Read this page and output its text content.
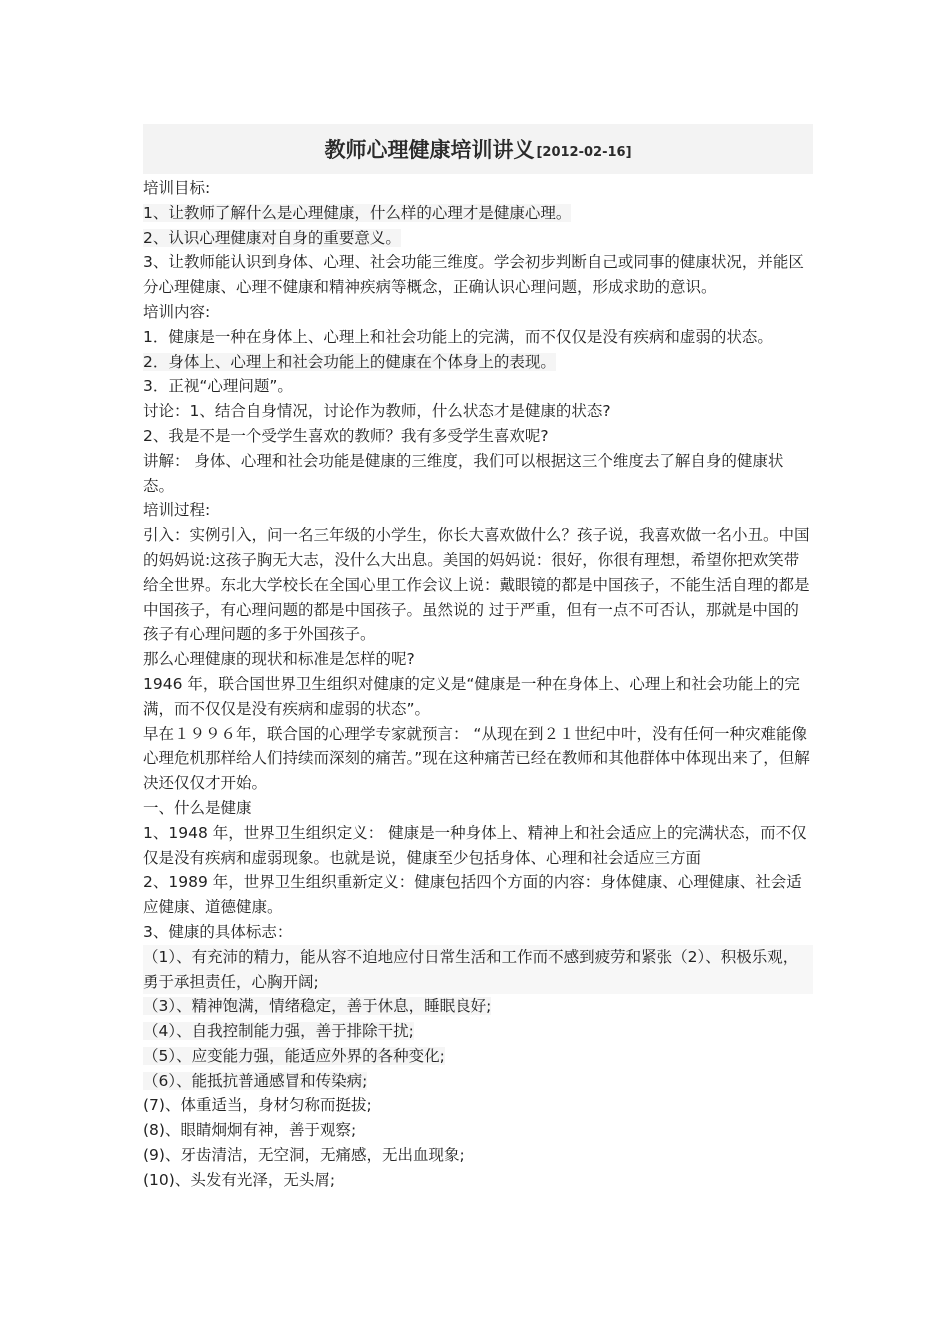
教师心理健康培训讲义 [2012-02-16]

培训目标:

1、让教师了解什么是心理健康，什么样的心理才是健康心理。

2、认识心理健康对自身的重要意义。

3、让教师能认识到身体、心理、社会功能三维度。学会初步判断自己或同事的健康状况，并能区分心理健康、心理不健康和精神疾病等概念，正确认识心理问题，形成求助的意识。

培训内容:

1．健康是一种在身体上、心理上和社会功能上的完满，而不仅仅是没有疾病和虚弱的状态。

2．身体上、心理上和社会功能上的健康在个体身上的表现。

3．正视“心理问题”。

讨论：1、结合自身情况，讨论作为教师，什么状态才是健康的状态?

2、我是不是一个受学生喜欢的教师？我有多受学生喜欢呢?

讲解： 身体、心理和社会功能是健康的三维度，我们可以根据这三个维度去了解自身的健康状态。

培训过程:

引入：实例引入，问一名三年级的小学生，你长大喜欢做什么？孩子说，我喜欢做一名小丑。中国的妈妈说:这孩子胸无大志，没什么大出息。美国的妈妈说：很好，你很有理想，希望你把欢笑带给全世界。东北大学校长在全国心里工作会议上说：戴眼镜的都是中国孩子，不能生活自理的都是中国孩子，有心理问题的都是中国孩子。虽然说的 过于严重，但有一点不可否认，那就是中国的孩子有心理问题的多于外国孩子。

那么心理健康的现状和标准是怎样的呢?

1946 年，联合国世界卫生组织对健康的定义是“健康是一种在身体上、心理上和社会功能上的完满，而不仅仅是没有疾病和虚弱的状态”。

早在１９９６年，联合国的心理学专家就预言： “从现在到２１世纪中叶，没有任何一种灾难能像心理危机那样给人们持续而深刻的痛苦。”现在这种痛苦已经在教师和其他群体中体现出来了，但解决还仅仅才开始。

一、什么是健康

1、1948 年，世界卫生组织定义： 健康是一种身体上、精神上和社会适应上的完满状态，而不仅仅是没有疾病和虚弱现象。也就是说，健康至少包括身体、心理和社会适应三方面

2、1989 年，世界卫生组织重新定义：健康包括四个方面的内容：身体健康、心理健康、社会适应健康、道德健康。

3、健康的具体标志：

（1）、有充沛的精力，能从容不迫地应付日常生活和工作而不感到疲劳和紧张（2）、积极乐观，勇于承担责任，心胸开阔;

（3）、精神饱满，情绪稳定，善于休息，睡眠良好;

（4）、自我控制能力强，善于排除干扰;

（5）、应变能力强，能适应外界的各种变化;

（6）、能抵抗普通感冒和传染病;

(7)、体重适当，身材匀称而挺拔;

(8)、眼睛炯炯有神，善于观察;

(9)、牙齿清洁，无空洞，无痛感，无出血现象;

(10)、头发有光泽，无头屑;
